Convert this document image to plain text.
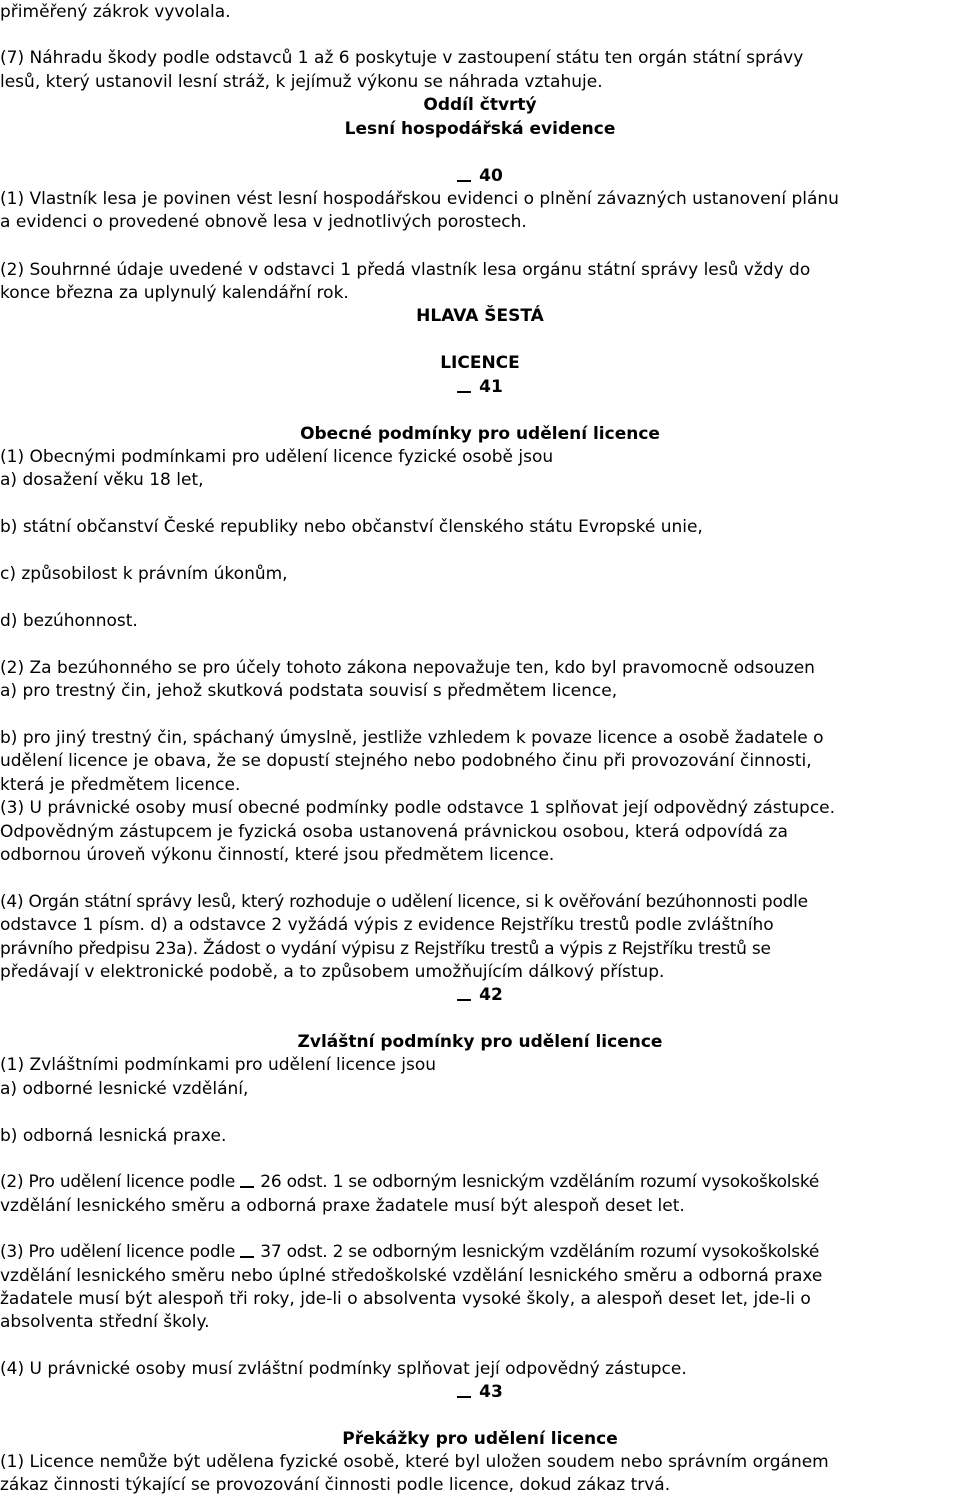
přiměřený zákrok vyvolala.
(7) Náhradu škody podle odstavců 1 až 6 poskytuje v zastoupení státu ten orgán státní správy
lesů, který ustanovil lesní stráž, k jejímuž výkonu se náhrada vztahuje.
Oddíl čtvrtý
Lesní hospodářská evidence
40
(1) Vlastník lesa je povinen vést lesní hospodářskou evidenci o plnění závazných ustanovení plánu
a evidenci o provedené obnově lesa v jednotlivých porostech.
(2) Souhrnné údaje uvedené v odstavci 1 předá vlastník lesa orgánu státní správy lesů vždy do
konce března za uplynulý kalendářní rok.
HLAVA ŠESTÁ
LICENCE
41
Obecné podmínky pro udělení licence
(1) Obecnými podmínkami pro udělení licence fyzické osobě jsou
a) dosažení věku 18 let,
b) státní občanství České republiky nebo občanství členského státu Evropské unie,
c) způsobilost k právním úkonům,
d) bezúhonnost.
(2) Za bezúhonného se pro účely tohoto zákona nepovažuje ten, kdo byl pravomocně odsouzen
a) pro trestný čin, jehož skutková podstata souvisí s předmětem licence,
b) pro jiný trestný čin, spáchaný úmyslně, jestliže vzhledem k povaze licence a osobě žadatele o
udělení licence je obava, že se dopustí stejného nebo podobného činu při provozování činnosti,
která je předmětem licence.
(3) U právnické osoby musí obecné podmínky podle odstavce 1 splňovat její odpovědný zástupce.
Odpovědným zástupcem je fyzická osoba ustanovená právnickou osobou, která odpovídá za
odbornou úroveň výkonu činností, které jsou předmětem licence.
(4) Orgán státní správy lesů, který rozhoduje o udělení licence, si k ověřování bezúhonnosti podle
odstavce 1 písm. d) a odstavce 2 vyžádá výpis z evidence Rejstříku trestů podle zvláštního
právního předpisu 23a). Žádost o vydání výpisu z Rejstříku trestů a výpis z Rejstříku trestů se
předávají v elektronické podobě, a to způsobem umožňujícím dálkový přístup.
42
Zvláštní podmínky pro udělení licence
(1) Zvláštními podmínkami pro udělení licence jsou
a) odborné lesnické vzdělání,
b) odborná lesnická praxe.
(2) Pro udělení licence podle 26 odst. 1 se odborným lesnickým vzděláním rozumí vysokoškolské
vzdělání lesnického směru a odborná praxe žadatele musí být alespoň deset let.
(3) Pro udělení licence podle 37 odst. 2 se odborným lesnickým vzděláním rozumí vysokoškolské
vzdělání lesnického směru nebo úplné středoškolské vzdělání lesnického směru a odborná praxe
žadatele musí být alespoň tři roky, jde-li o absolventa vysoké školy, a alespoň deset let, jde-li o
absolventa střední školy.
(4) U právnické osoby musí zvláštní podmínky splňovat její odpovědný zástupce.
43
Překážky pro udělení licence
(1) Licence nemůže být udělena fyzické osobě, které byl uložen soudem nebo správním orgánem
zákaz činnosti týkající se provozování činnosti podle licence, dokud zákaz trvá.
